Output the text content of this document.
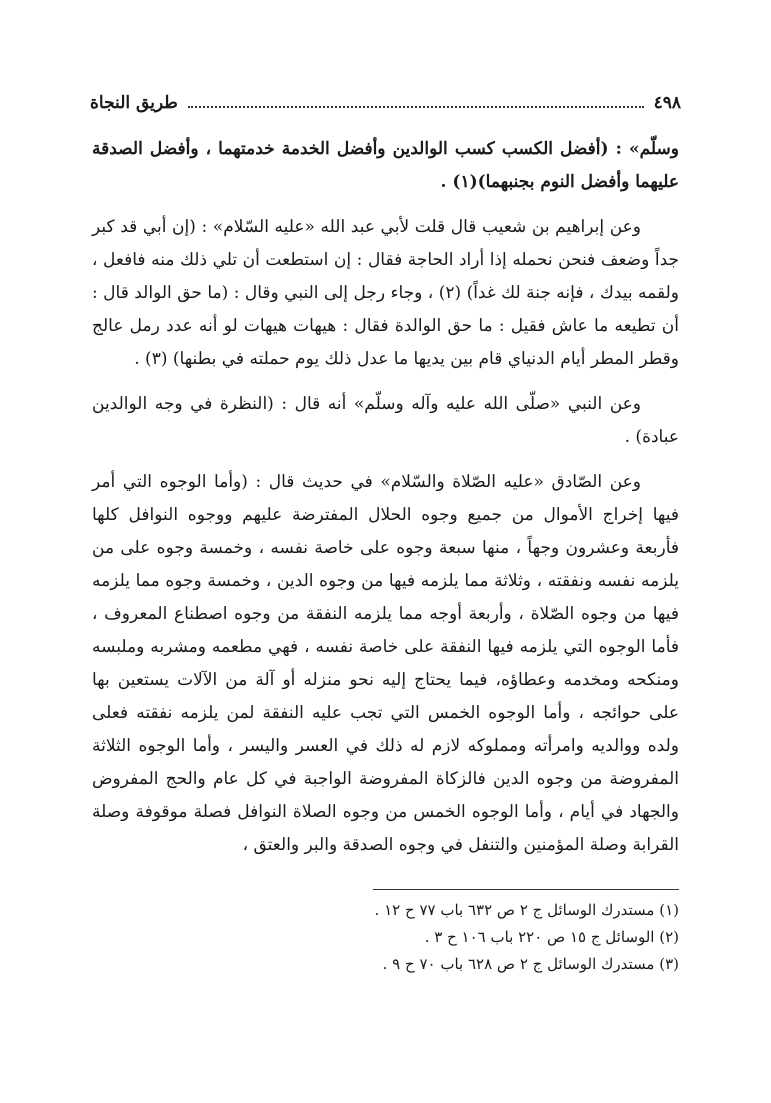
٤٩٨
طريق النجاة

وسلّم» : (أفضل الكسب كسب الوالدين وأفضل الخدمة خدمتهما ، وأفضل الصدقة عليهما وأفضل النوم بجنبهما)(١) .

وعن إبراهيم بن شعيب قال قلت لأبي عبد الله «عليه السّلام» : (إن أبي قد كبر جداً وضعف فنحن نحمله إذا أراد الحاجة فقال : إن استطعت أن تلي ذلك منه فافعل ، ولقمه بيدك ، فإنه جنة لك غداً) (٢) ، وجاء رجل إلى النبي وقال : (ما حق الوالد قال : أن تطيعه ما عاش فقيل : ما حق الوالدة فقال : هيهات هيهات لو أنه عدد رمل عالج وقطر المطر أيام الدنياي قام بين يديها ما عدل ذلك يوم حملته في بطنها) (٣) .

وعن النبي «صلّى الله عليه وآله وسلّم» أنه قال : (النظرة في وجه الوالدين عبادة) .

وعن الصّادق «عليه الصّلاة والسّلام» في حديث قال : (وأما الوجوه التي أمر فيها إخراج الأموال من جميع وجوه الحلال المفترضة عليهم ووجوه النوافل كلها فأربعة وعشرون وجهاً ، منها سبعة وجوه على خاصة نفسه ، وخمسة وجوه على من يلزمه نفسه ونفقته ، وثلاثة مما يلزمه فيها من وجوه الدين ، وخمسة وجوه مما يلزمه فيها من وجوه الصّلاة ، وأربعة أوجه مما يلزمه النفقة من وجوه اصطناع المعروف ، فأما الوجوه التي يلزمه فيها النفقة على خاصة نفسه ، فهي مطعمه ومشربه وملبسه ومنكحه ومخدمه وعطاؤه، فيما يحتاج إليه نحو منزله أو آلة من الآلات يستعين بها على حوائجه ، وأما الوجوه الخمس التي تجب عليه النفقة لمن يلزمه نفقته فعلى ولده ووالديه وامرأته ومملوكه لازم له ذلك في العسر واليسر ، وأما الوجوه الثلاثة المفروضة من وجوه الدين فالزكاة المفروضة الواجبة في كل عام والحج المفروض والجهاد في أيام ، وأما الوجوه الخمس من وجوه الصلاة النوافل فصلة موقوفة وصلة القرابة وصلة المؤمنين والتنفل في وجوه الصدقة والبر والعتق ،

(١) مستدرك الوسائل ج ٢ ص ٦٣٢ باب ٧٧ ح ١٢ .
(٢) الوسائل ج ١٥ ص ٢٢٠ باب ١٠٦ ح ٣ .
(٣) مستدرك الوسائل ج ٢ ص ٦٢٨ باب ٧٠ ح ٩ .
